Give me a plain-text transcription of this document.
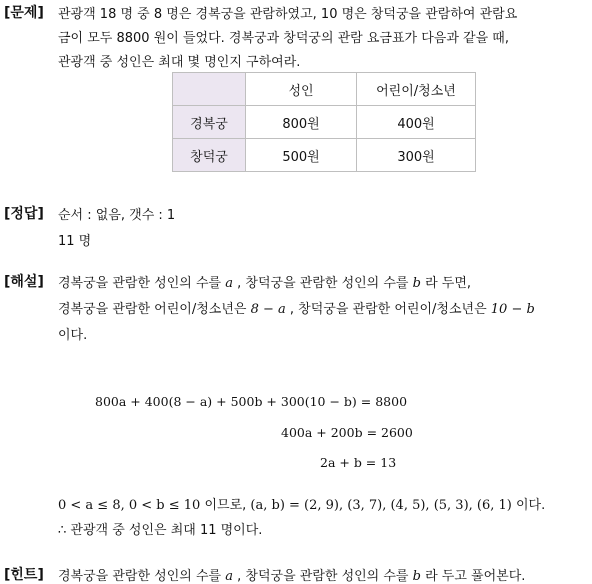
[문제] 관광객 18 명 중 8 명은 경복궁을 관람하였고, 10 명은 창덕궁을 관람하여 관람요
금이 모두 8800 원이 들었다. 경복궁과 창덕궁의 관람 요금표가 다음과 같을 때,
관광객 중 성인은 최대 몇 명인지 구하여라.
	성인	어린이/청소년
경복궁	800원	400원
창덕궁	500원	300원
[정답] 순서 : 없음, 갯수 : 1
11 명
[해설] 경복궁을 관람한 성인의 수를 a , 창덕궁을 관람한 성인의 수를 b 라 두면,
경복궁을 관람한 어린이/청소년은 8 − a , 창덕궁을 관람한 어린이/청소년은 10 − b
이다.
800a + 400(8 − a) + 500b + 300(10 − b) = 8800
400a + 200b = 2600
2a + b = 13
0 < a ≤ 8, 0 < b ≤ 10 이므로, (a, b) = (2, 9), (3, 7), (4, 5), (5, 3), (6, 1) 이다.
∴ 관광객 중 성인은 최대 11 명이다.
[힌트] 경복궁을 관람한 성인의 수를 a , 창덕궁을 관람한 성인의 수를 b 라 두고 풀어본다.
